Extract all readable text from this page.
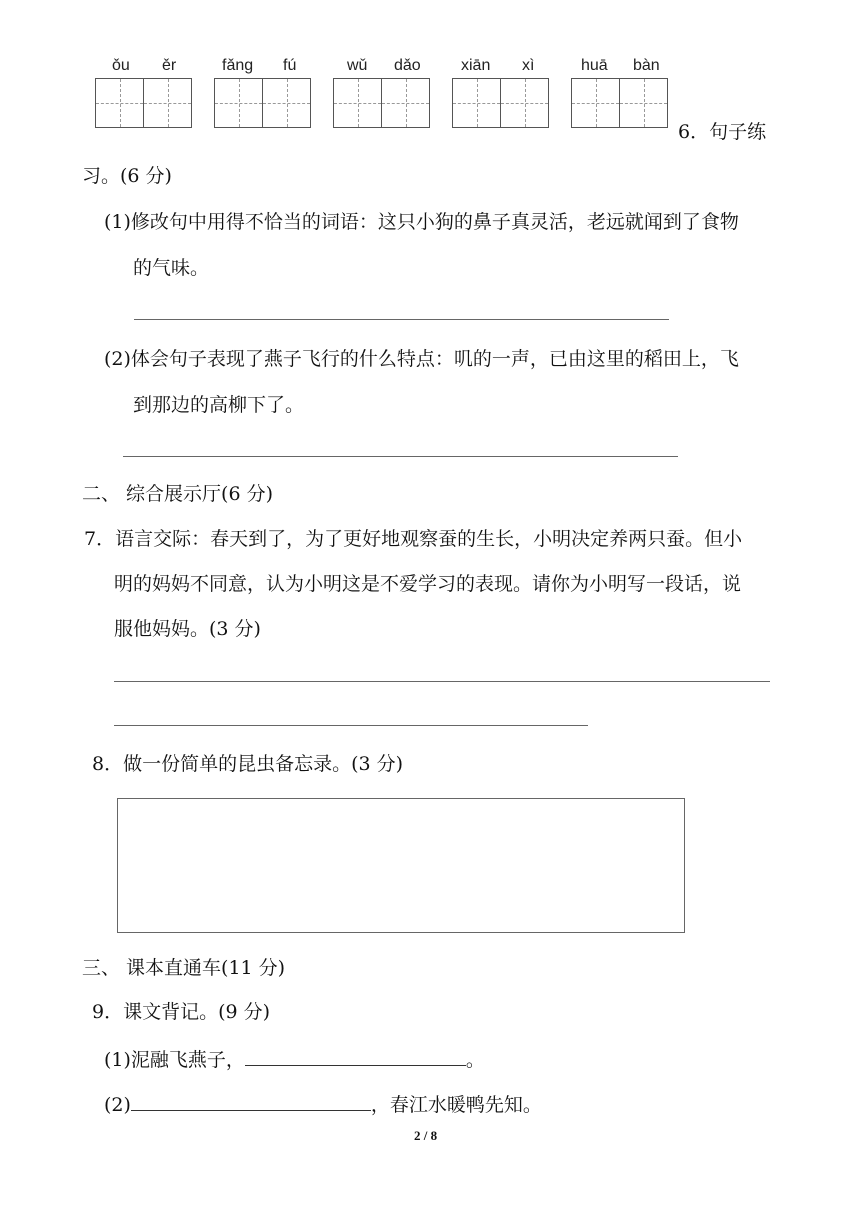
ǒu ěr	fǎng fú	wǔ dǎo	xiān xì	huā bàn
6．句子练
习。(6 分)
(1)修改句中用得不恰当的词语：这只小狗的鼻子真灵活，老远就闻到了食物
的气味。
(2)体会句子表现了燕子飞行的什么特点：叽的一声，已由这里的稻田上，飞
到那边的高柳下了。
二、 综合展示厅(6 分)
7．语言交际：春天到了，为了更好地观察蚕的生长，小明决定养两只蚕。但小
明的妈妈不同意，认为小明这是不爱学习的表现。请你为小明写一段话，说
服他妈妈。(3 分)
8．做一份简单的昆虫备忘录。(3 分)
三、 课本直通车(11 分)
9．课文背记。(9 分)
(1)泥融飞燕子，	。
(2)	，春江水暖鸭先知。
2 / 8
